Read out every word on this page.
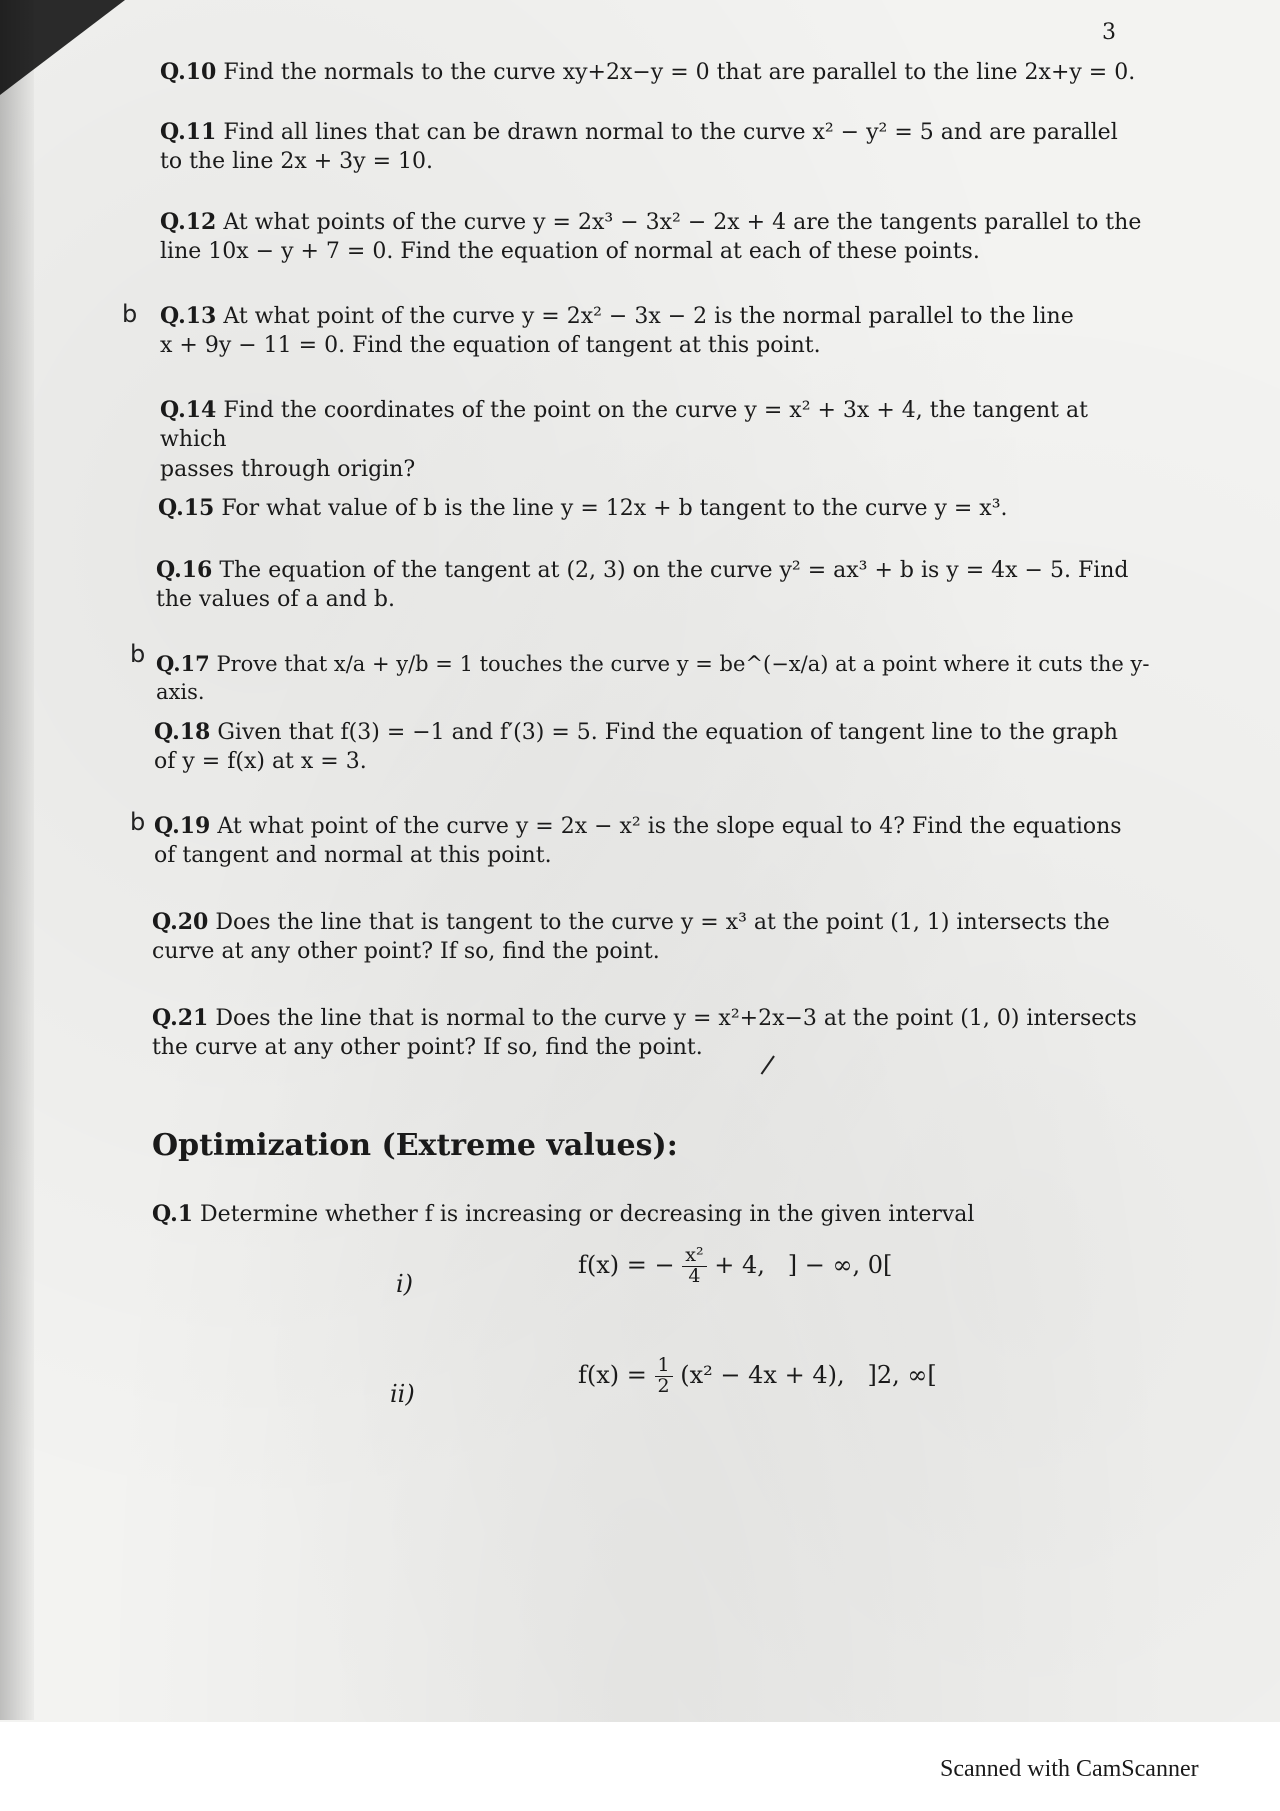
3
b
b
b
Q.10 Find the normals to the curve xy+2x−y = 0 that are parallel to the line 2x+y = 0.
Q.11 Find all lines that can be drawn normal to the curve x² − y² = 5 and are parallel
to the line 2x + 3y = 10.
Q.12 At what points of the curve y = 2x³ − 3x² − 2x + 4 are the tangents parallel to the
line 10x − y + 7 = 0. Find the equation of normal at each of these points.
Q.13 At what point of the curve y = 2x² − 3x − 2 is the normal parallel to the line
x + 9y − 11 = 0. Find the equation of tangent at this point.
Q.14 Find the coordinates of the point on the curve y = x² + 3x + 4, the tangent at which
passes through origin?
Q.15 For what value of b is the line y = 12x + b tangent to the curve y = x³.
Q.16 The equation of the tangent at (2, 3) on the curve y² = ax³ + b is y = 4x − 5. Find
the values of a and b.
Q.17 Prove that x/a + y/b = 1 touches the curve y = be^(−x/a) at a point where it cuts the y-axis.
Q.18 Given that f(3) = −1 and f′(3) = 5. Find the equation of tangent line to the graph
of y = f(x) at x = 3.
Q.19 At what point of the curve y = 2x − x² is the slope equal to 4? Find the equations
of tangent and normal at this point.
Q.20 Does the line that is tangent to the curve y = x³ at the point (1, 1) intersects the
curve at any other point? If so, find the point.
Q.21 Does the line that is normal to the curve y = x²+2x−3 at the point (1, 0) intersects
the curve at any other point? If so, find the point.
Optimization (Extreme values):
Q.1 Determine whether f is increasing or decreasing in the given interval
i)
f(x) = − $\frac{\text{x²}}{4} + 4$, ] − ∞, 0[
ii)
$f(x) = \frac{1}{2} (x^2 - 4x + 4)$, ]2, ∞[
Scanned with CamScanner
